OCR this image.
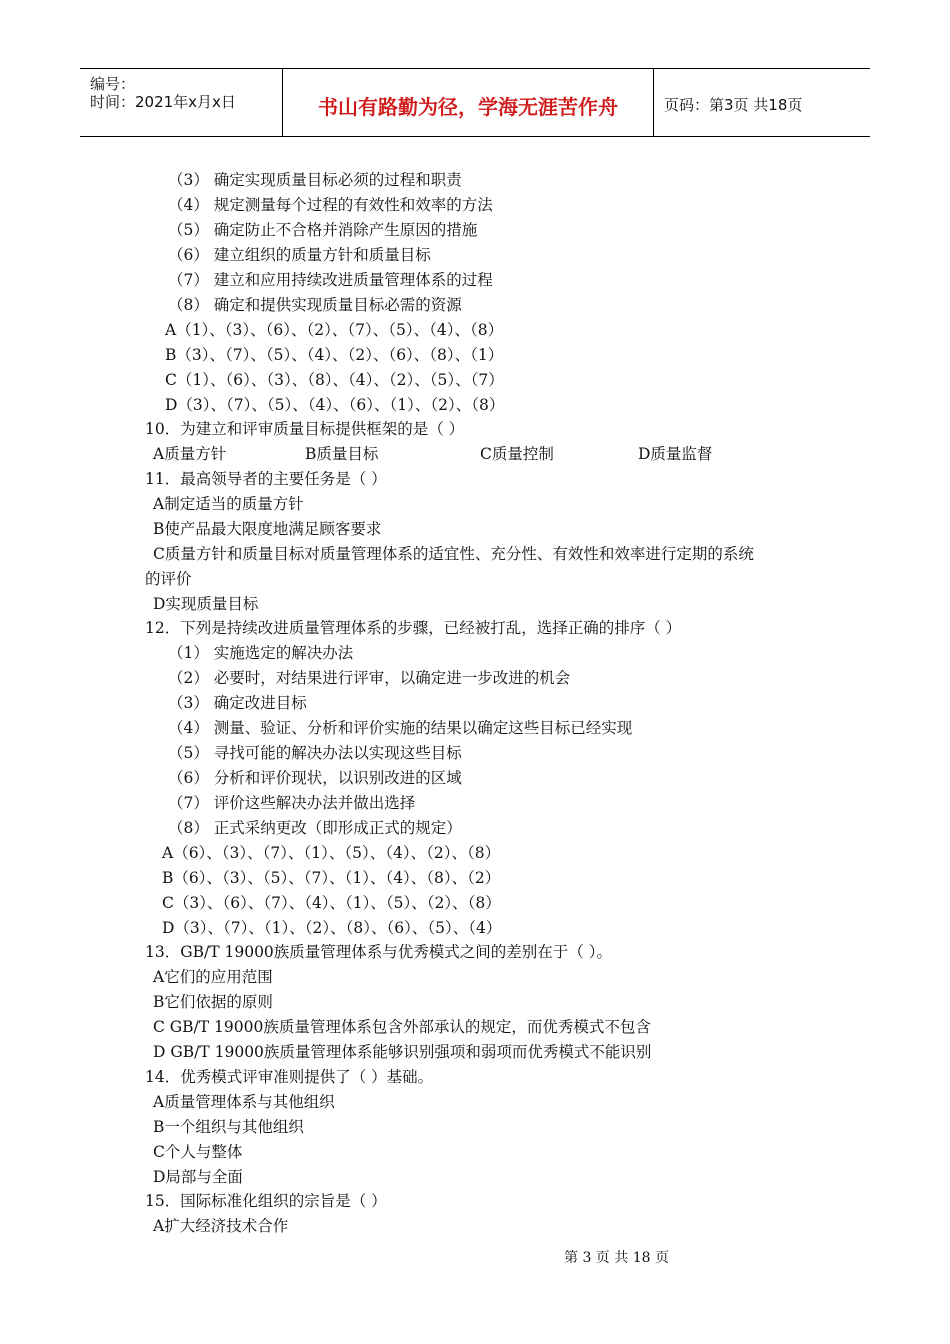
编号：
时间：2021年x月x日	书山有路勤为径，学海无涯苦作舟	页码：第3页 共18页
（3） 确定实现质量目标必须的过程和职责
（4） 规定测量每个过程的有效性和效率的方法
（5） 确定防止不合格并消除产生原因的措施
（6） 建立组织的质量方针和质量目标
（7） 建立和应用持续改进质量管理体系的过程
（8） 确定和提供实现质量目标必需的资源
A（1）、（3）、（6）、（2）、（7）、（5）、（4）、（8）
B（3）、（7）、（5）、（4）、（2）、（6）、（8）、（1）
C（1）、（6）、（3）、（8）、（4）、（2）、（5）、（7）
D（3）、（7）、（5）、（4）、（6）、（1）、（2）、（8）
10．为建立和评审质量目标提供框架的是（ ）
A质量方针	B质量目标	C质量控制	D质量监督
11．最高领导者的主要任务是（ ）
A制定适当的质量方针
B使产品最大限度地满足顾客要求
C质量方针和质量目标对质量管理体系的适宜性、充分性、有效性和效率进行定期的系统
的评价
D实现质量目标
12．下列是持续改进质量管理体系的步骤，已经被打乱，选择正确的排序（ ）
（1） 实施选定的解决办法
（2） 必要时，对结果进行评审，以确定进一步改进的机会
（3） 确定改进目标
（4） 测量、验证、分析和评价实施的结果以确定这些目标已经实现
（5） 寻找可能的解决办法以实现这些目标
（6） 分析和评价现状，以识别改进的区域
（7） 评价这些解决办法并做出选择
（8） 正式采纳更改（即形成正式的规定）
A（6）、（3）、（7）、（1）、（5）、（4）、（2）、（8）
B（6）、（3）、（5）、（7）、（1）、（4）、（8）、（2）
C（3）、（6）、（7）、（4）、（1）、（5）、（2）、（8）
D（3）、（7）、（1）、（2）、（8）、（6）、（5）、（4）
13．GB/T 19000族质量管理体系与优秀模式之间的差别在于（ ）。
A它们的应用范围
B它们依据的原则
C GB/T 19000族质量管理体系包含外部承认的规定，而优秀模式不包含
D GB/T 19000族质量管理体系能够识别强项和弱项而优秀模式不能识别
14．优秀模式评审准则提供了（ ）基础。
A质量管理体系与其他组织
B一个组织与其他组织
C个人与整体
D局部与全面
15．国际标准化组织的宗旨是（ ）
A扩大经济技术合作
第 3 页 共 18 页
